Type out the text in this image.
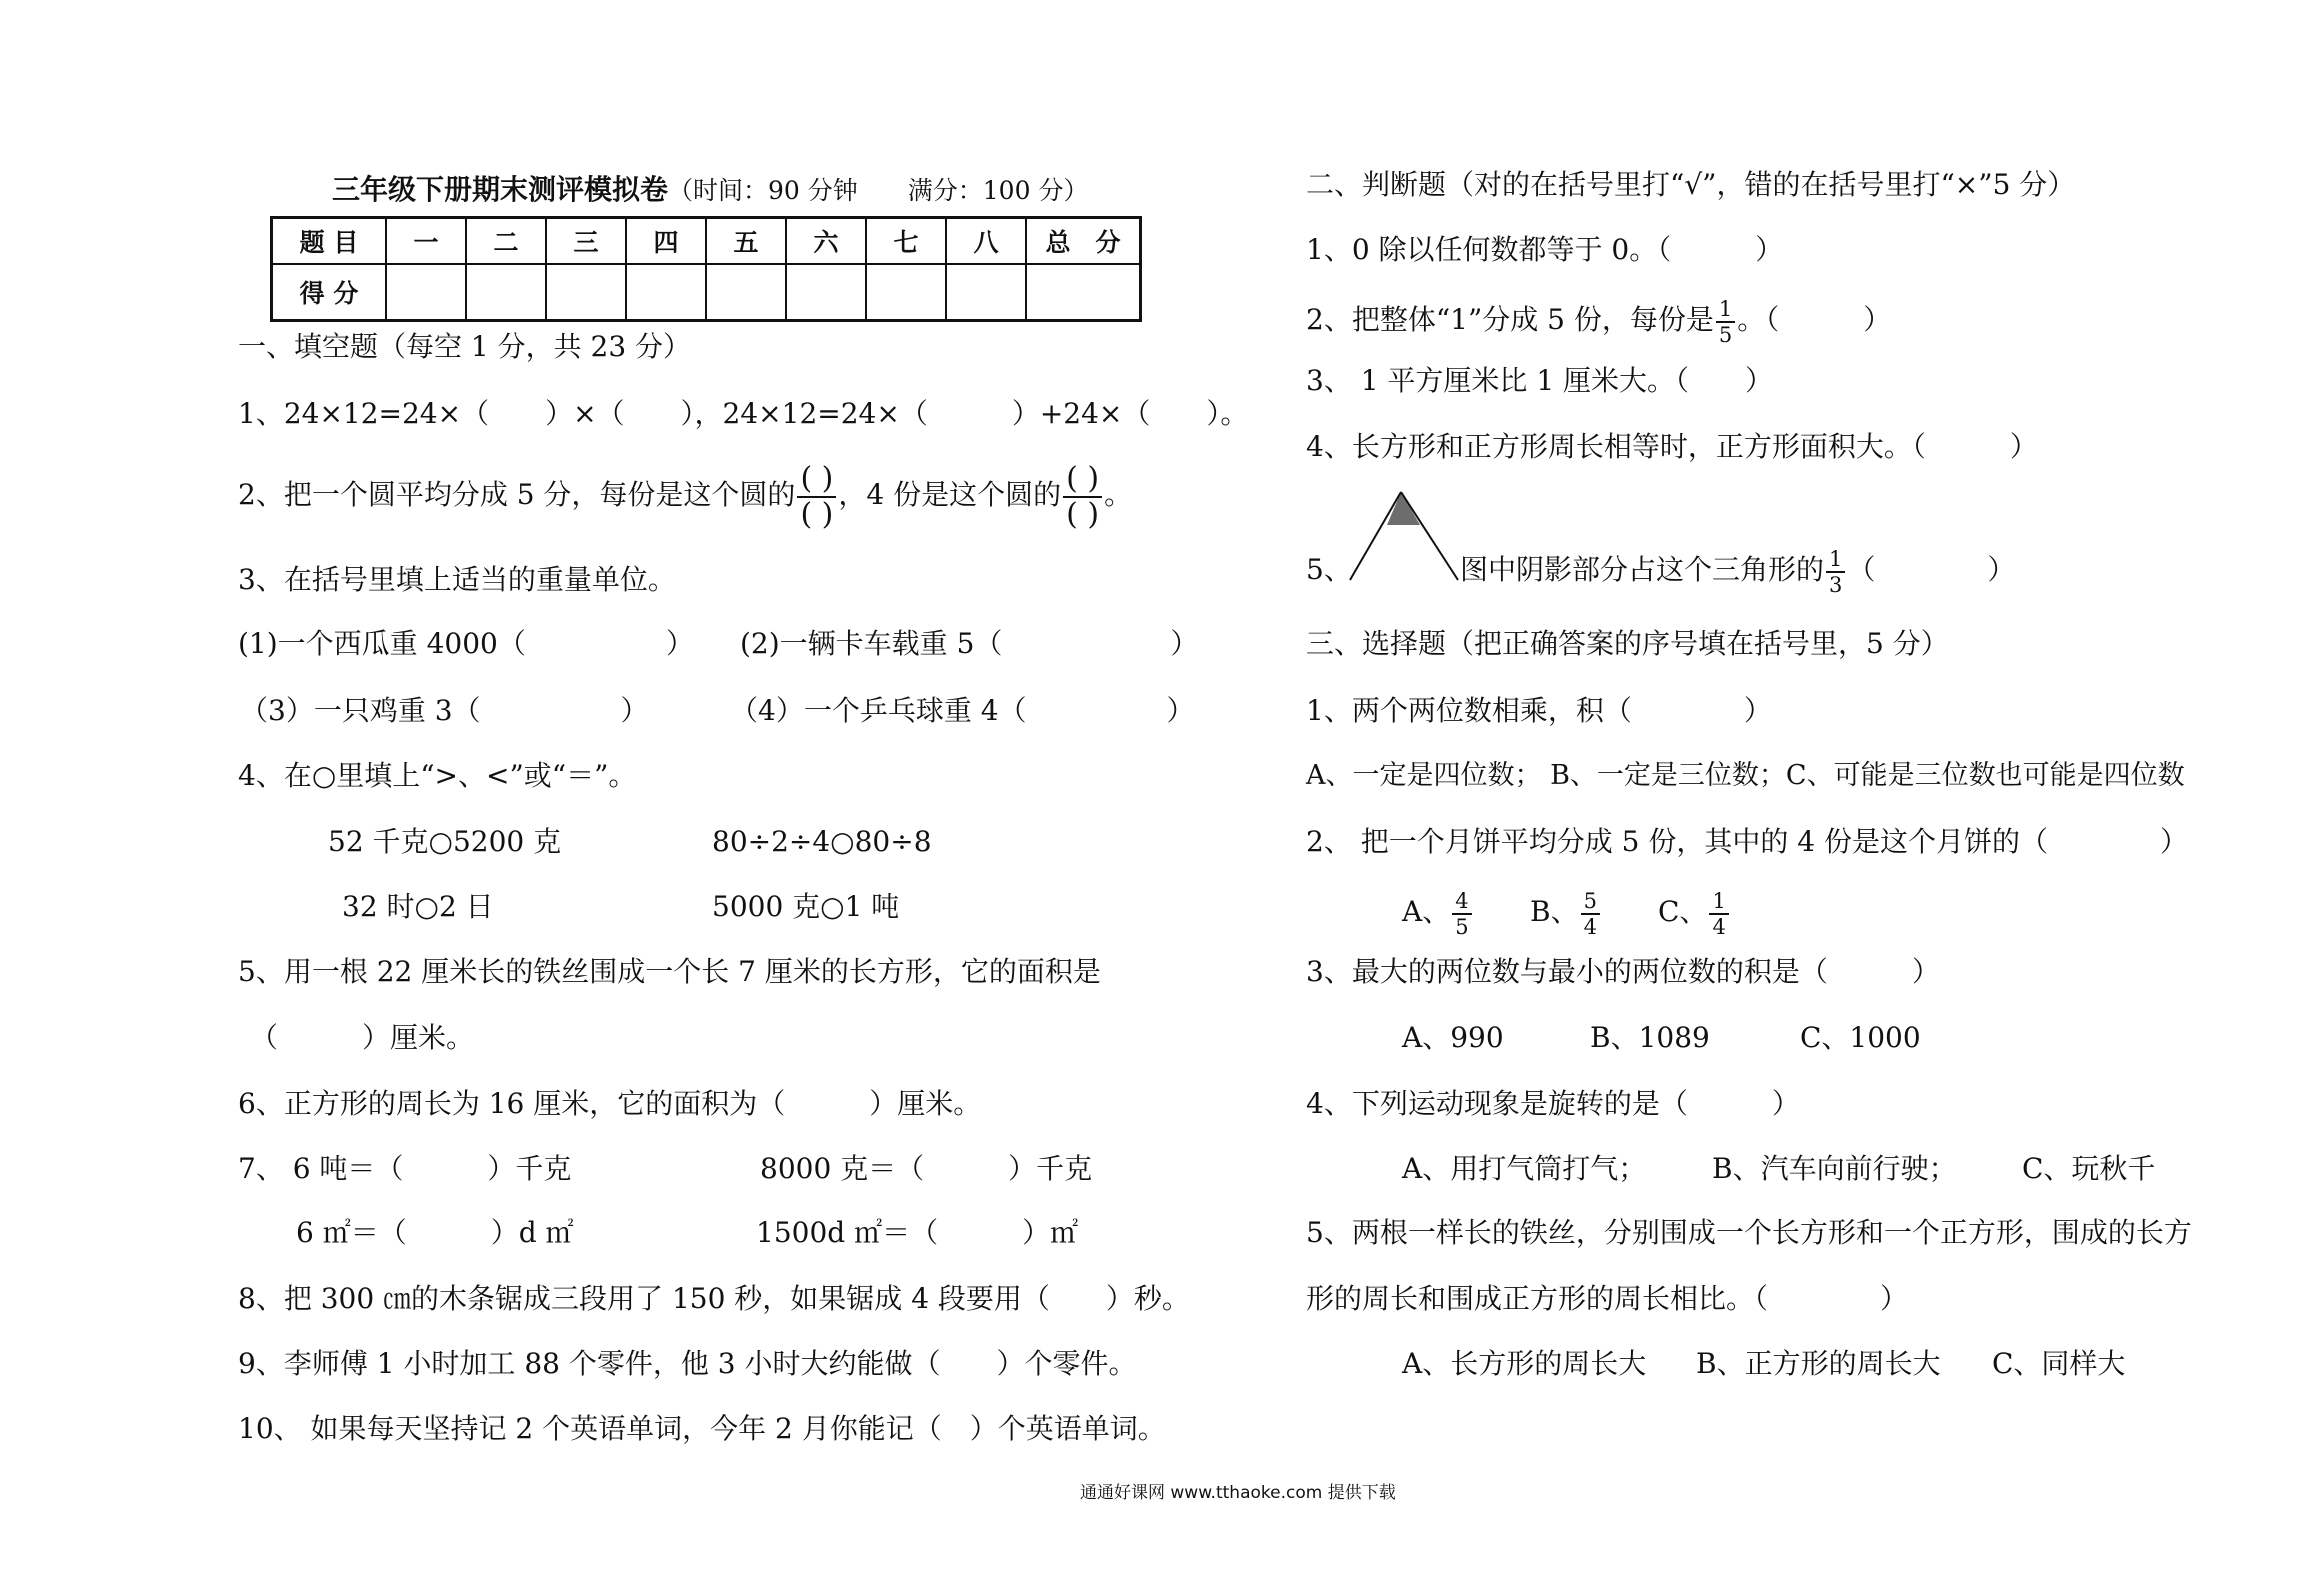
三年级下册期末测评模拟卷（时间：90 分钟　　满分：100 分）
题 目	一	二	三	四	五	六	七	八	总　分
得 分									
一、填空题（每空 1 分，共 23 分）
1、24×12=24×（　　）×（　　），24×12=24×（　　　）+24×（　　）。
2、把一个圆平均分成 5 分，每份是这个圆的 $\frac{( )}{( )}$ ，4 份是这个圆的 $\frac{( )}{( )}$ 。
3、在括号里填上适当的重量单位。
(1)一个西瓜重 4000（　　　　　） (2)一辆卡车载重 5（　　　　　　）
（3）一只鸡重 3（　　　　　）	（4）一个乒乓球重 4（　　　　　）
4、在○里填上“>、<”或“＝”。
52 千克○5200 克	80÷2÷4○80÷8
32 时○2 日	5000 克○1 吨
5、用一根 22 厘米长的铁丝围成一个长 7 厘米的长方形，它的面积是
（　　　）厘米。
6、正方形的周长为 16 厘米，它的面积为（　　　）厘米。
7、 6 吨＝（　　　）千克	8000 克＝（　　　）千克
6 ㎡＝（　　　）d ㎡	1500d ㎡＝（　　　）㎡
8、把 300 ㎝的木条锯成三段用了 150 秒，如果锯成 4 段要用（　　）秒。
9、李师傅 1 小时加工 88 个零件，他 3 小时大约能做（　　）个零件。
10、 如果每天坚持记 2 个英语单词，今年 2 月你能记（　）个英语单词。
二、判断题（对的在括号里打“√”，错的在括号里打“×”5 分）
1、0 除以任何数都等于 0。（　　　）
2、把整体“1”分成 5 份，每份是 $\frac{1}{5}$ 。（　　　）
3、 1 平方厘米比 1 厘米大。（　　）
4、长方形和正方形周长相等时，正方形面积大。（　　　）
5、	图中阴影部分占这个三角形的 $\frac{1}{3}$ （　　　　）
三、选择题（把正确答案的序号填在括号里，5 分）
1、两个两位数相乘，积（　　　　）
A、一定是四位数； B、一定是三位数；C、可能是三位数也可能是四位数
2、 把一个月饼平均分成 5 份，其中的 4 份是这个月饼的（　　　　）
A、 $\frac{4}{5}$ B、 $\frac{5}{4}$ C、 $\frac{1}{4}$
3、最大的两位数与最小的两位数的积是（　　　）
A、990	B、1089	C、1000
4、下列运动现象是旋转的是（　　　）
A、用打气筒打气； B、汽车向前行驶； C、玩秋千
5、两根一样长的铁丝，分别围成一个长方形和一个正方形，围成的长方
形的周长和围成正方形的周长相比。（　　　　）
A、长方形的周长大 B、正方形的周长大 C、同样大
通通好课网 www.tthaoke.com 提供下载
